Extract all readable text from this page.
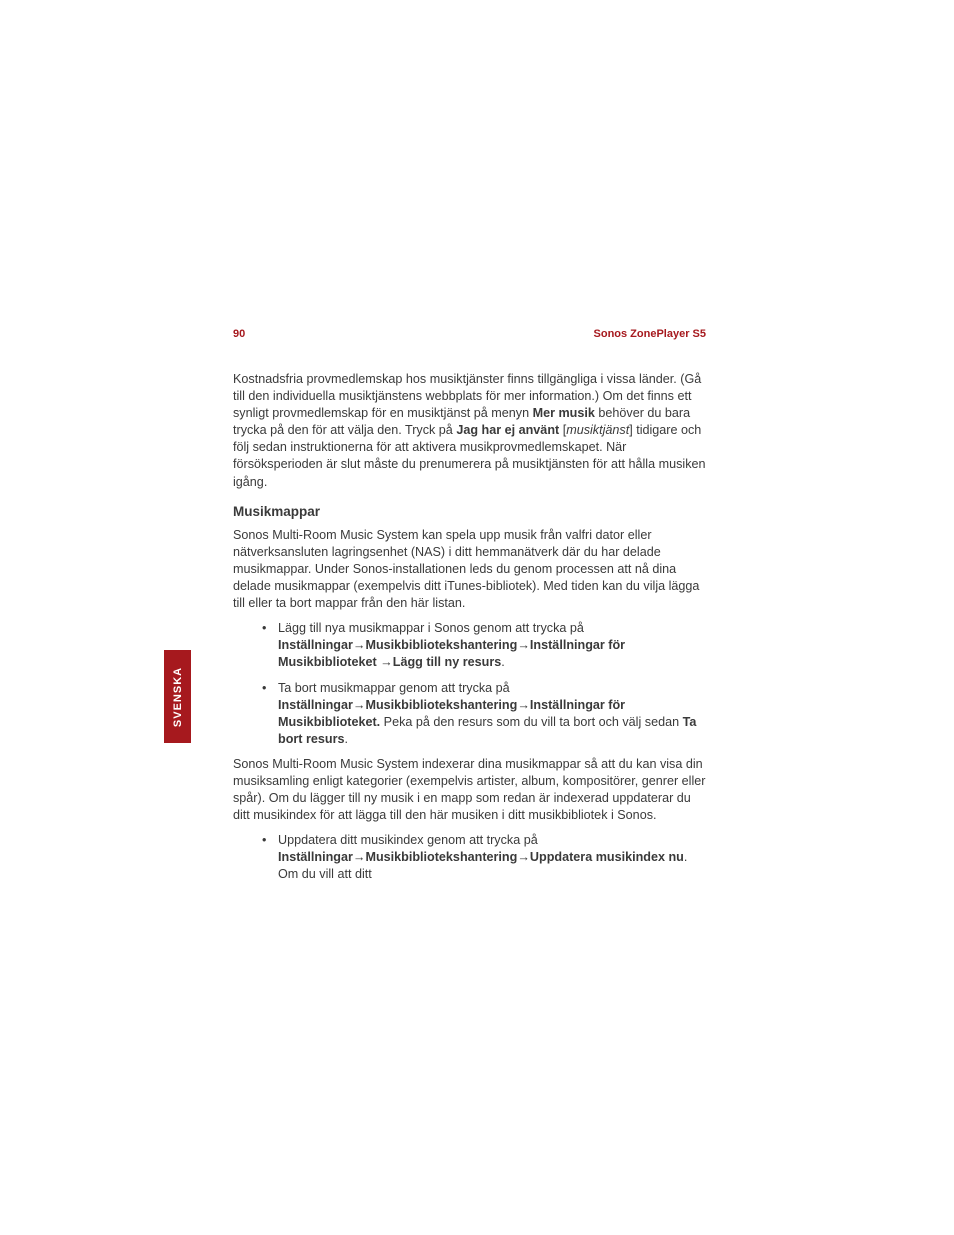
90	Sonos ZonePlayer S5
SVENSKA

Kostnadsfria provmedlemskap hos musiktjänster finns tillgängliga i vissa länder. (Gå till den individuella musiktjänstens webbplats för mer information.) Om det finns ett synligt provmedlemskap för en musiktjänst på menyn Mer musik behöver du bara trycka på den för att välja den. Tryck på Jag har ej använt [musiktjänst] tidigare och följ sedan instruktionerna för att aktivera musikprovmedlemskapet. När försöksperioden är slut måste du prenumerera på musiktjänsten för att hålla musiken igång.

Musikmappar

Sonos Multi-Room Music System kan spela upp musik från valfri dator eller nätverksansluten lagringsenhet (NAS) i ditt hemmanätverk där du har delade musikmappar. Under Sonos-installationen leds du genom processen att nå dina delade musikmappar (exempelvis ditt iTunes-bibliotek). Med tiden kan du vilja lägga till eller ta bort mappar från den här listan.

• Lägg till nya musikmappar i Sonos genom att trycka på Inställningar→Musikbibliotekshantering→Inställningar för Musikbiblioteket →Lägg till ny resurs.
• Ta bort musikmappar genom att trycka på Inställningar→Musikbibliotekshantering→Inställningar för Musikbiblioteket. Peka på den resurs som du vill ta bort och välj sedan Ta bort resurs.

Sonos Multi-Room Music System indexerar dina musikmappar så att du kan visa din musiksamling enligt kategorier (exempelvis artister, album, kompositörer, genrer eller spår). Om du lägger till ny musik i en mapp som redan är indexerad uppdaterar du ditt musikindex för att lägga till den här musiken i ditt musikbibliotek i Sonos.

• Uppdatera ditt musikindex genom att trycka på Inställningar→Musikbibliotekshantering→Uppdatera musikindex nu. Om du vill att ditt
